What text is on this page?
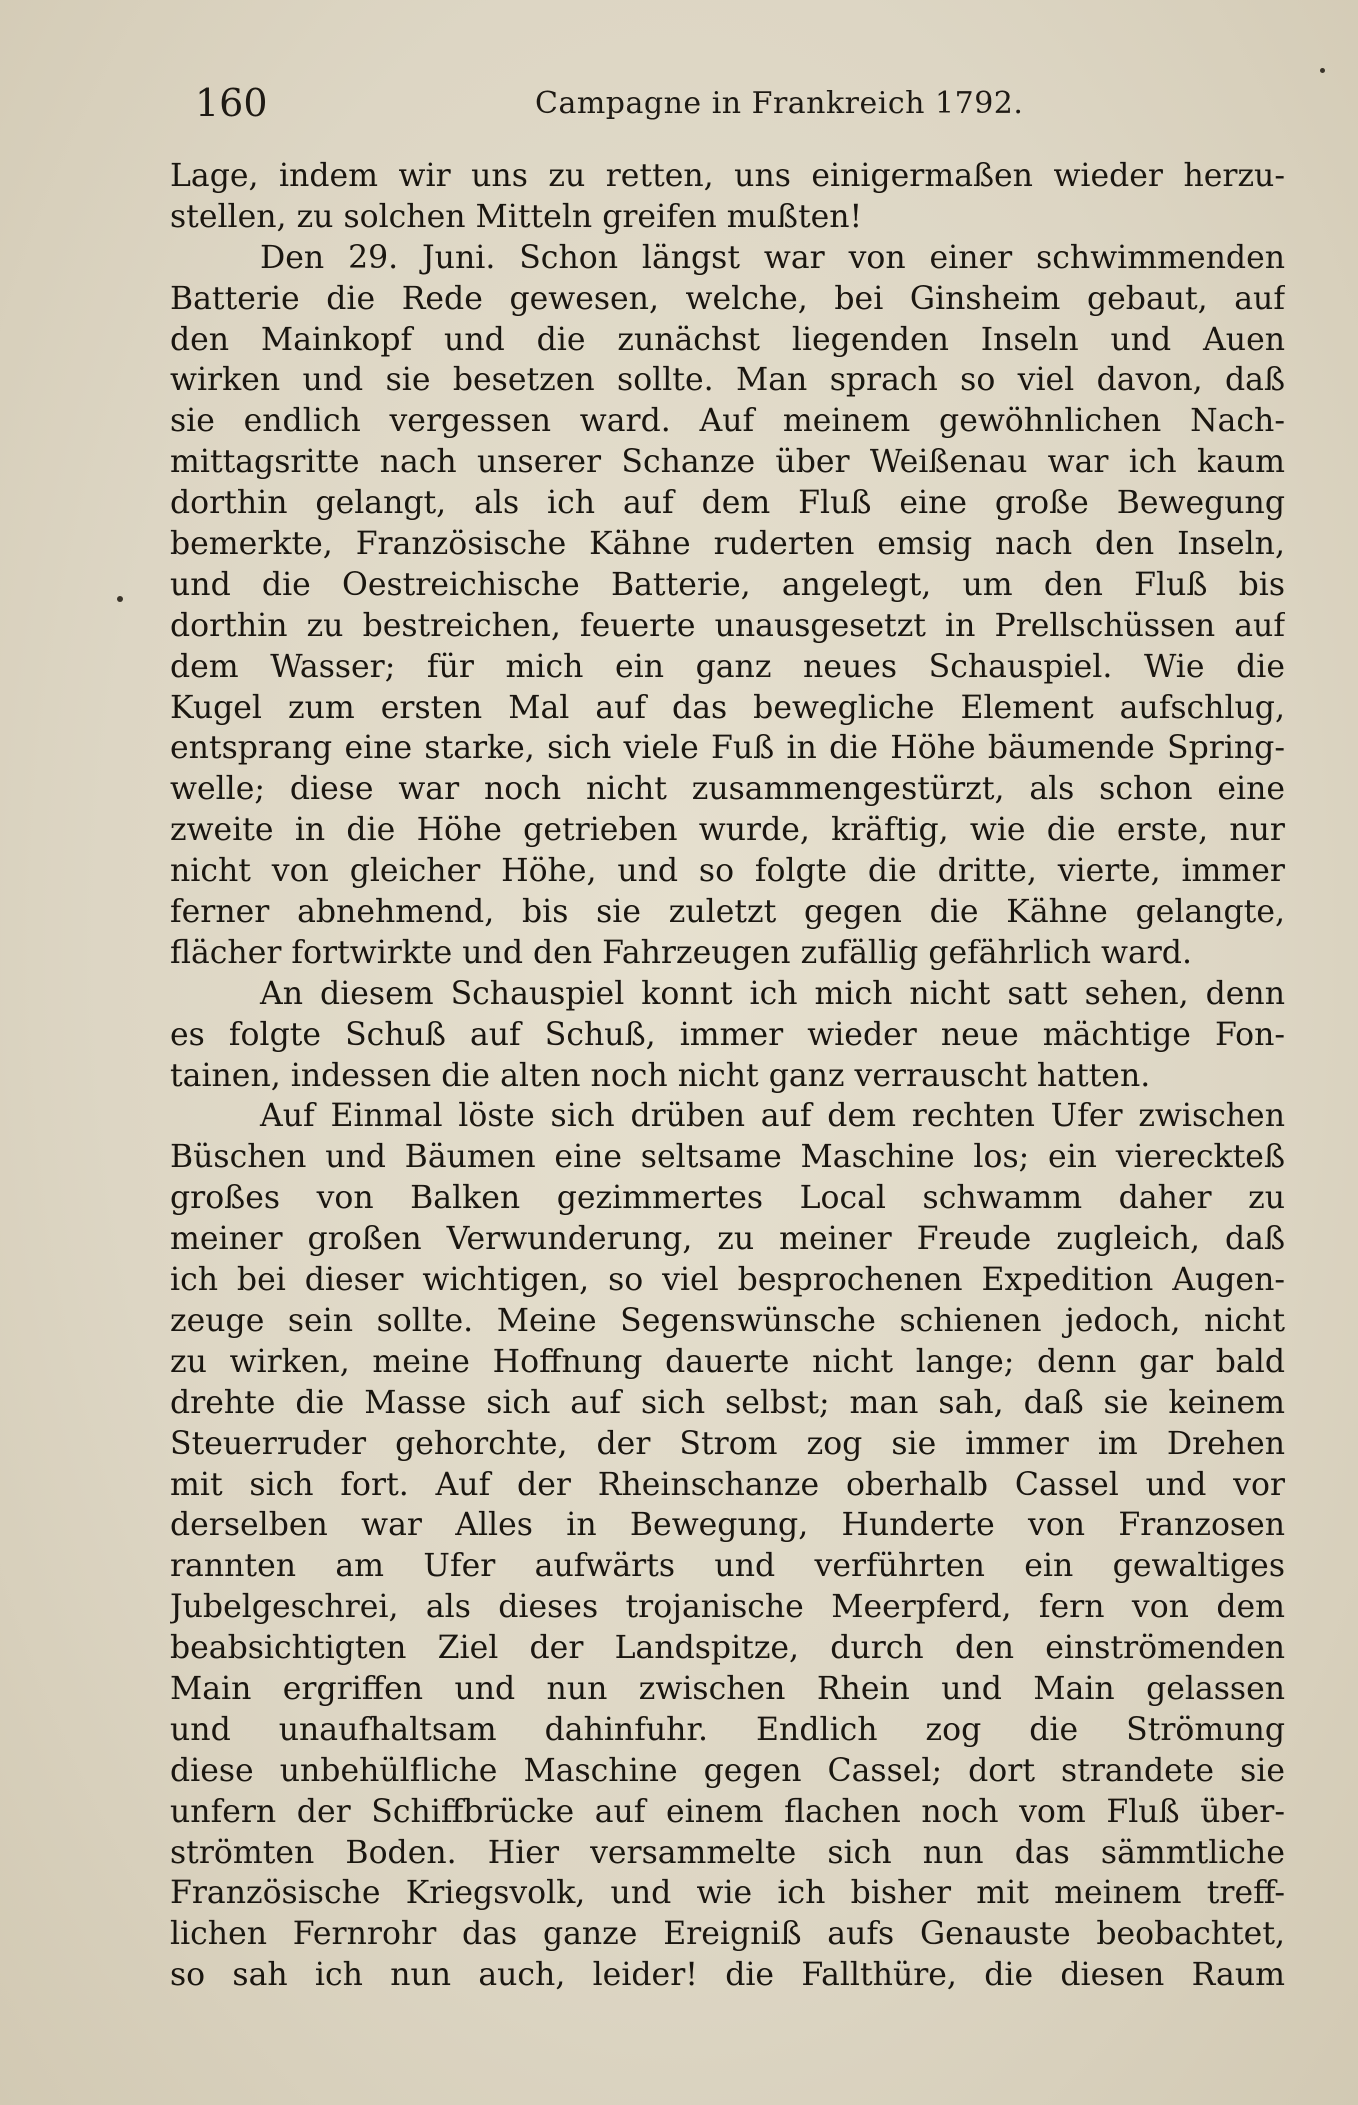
160	Campagne in Frankreich 1792.
Lage, indem wir uns zu retten, uns einigermaßen wieder herzu-
stellen, zu solchen Mitteln greifen mußten!
Den 29. Juni. Schon längst war von einer schwimmenden
Batterie die Rede gewesen, welche, bei Ginsheim gebaut, auf
den Mainkopf und die zunächst liegenden Inseln und Auen
wirken und sie besetzen sollte. Man sprach so viel davon, daß
sie endlich vergessen ward. Auf meinem gewöhnlichen Nach-
mittagsritte nach unserer Schanze über Weißenau war ich kaum
dorthin gelangt, als ich auf dem Fluß eine große Bewegung
bemerkte, Französische Kähne ruderten emsig nach den Inseln,
und die Oestreichische Batterie, angelegt, um den Fluß bis
dorthin zu bestreichen, feuerte unausgesetzt in Prellschüssen auf
dem Wasser; für mich ein ganz neues Schauspiel. Wie die
Kugel zum ersten Mal auf das bewegliche Element aufschlug,
entsprang eine starke, sich viele Fuß in die Höhe bäumende Spring-
welle; diese war noch nicht zusammengestürzt, als schon eine
zweite in die Höhe getrieben wurde, kräftig, wie die erste, nur
nicht von gleicher Höhe, und so folgte die dritte, vierte, immer
ferner abnehmend, bis sie zuletzt gegen die Kähne gelangte,
flächer fortwirkte und den Fahrzeugen zufällig gefährlich ward.
An diesem Schauspiel konnt ich mich nicht satt sehen, denn
es folgte Schuß auf Schuß, immer wieder neue mächtige Fon-
tainen, indessen die alten noch nicht ganz verrauscht hatten.
Auf Einmal löste sich drüben auf dem rechten Ufer zwischen
Büschen und Bäumen eine seltsame Maschine los; ein viereckteß
großes von Balken gezimmertes Local schwamm daher zu
meiner großen Verwunderung, zu meiner Freude zugleich, daß
ich bei dieser wichtigen, so viel besprochenen Expedition Augen-
zeuge sein sollte. Meine Segenswünsche schienen jedoch, nicht
zu wirken, meine Hoffnung dauerte nicht lange; denn gar bald
drehte die Masse sich auf sich selbst; man sah, daß sie keinem
Steuerruder gehorchte, der Strom zog sie immer im Drehen
mit sich fort. Auf der Rheinschanze oberhalb Cassel und vor
derselben war Alles in Bewegung, Hunderte von Franzosen
rannten am Ufer aufwärts und verführten ein gewaltiges
Jubelgeschrei, als dieses trojanische Meerpferd, fern von dem
beabsichtigten Ziel der Landspitze, durch den einströmenden
Main ergriffen und nun zwischen Rhein und Main gelassen
und unaufhaltsam dahinfuhr. Endlich zog die Strömung
diese unbehülfliche Maschine gegen Cassel; dort strandete sie
unfern der Schiffbrücke auf einem flachen noch vom Fluß über-
strömten Boden. Hier versammelte sich nun das sämmtliche
Französische Kriegsvolk, und wie ich bisher mit meinem treff-
lichen Fernrohr das ganze Ereigniß aufs Genauste beobachtet,
so sah ich nun auch, leider! die Fallthüre, die diesen Raum
